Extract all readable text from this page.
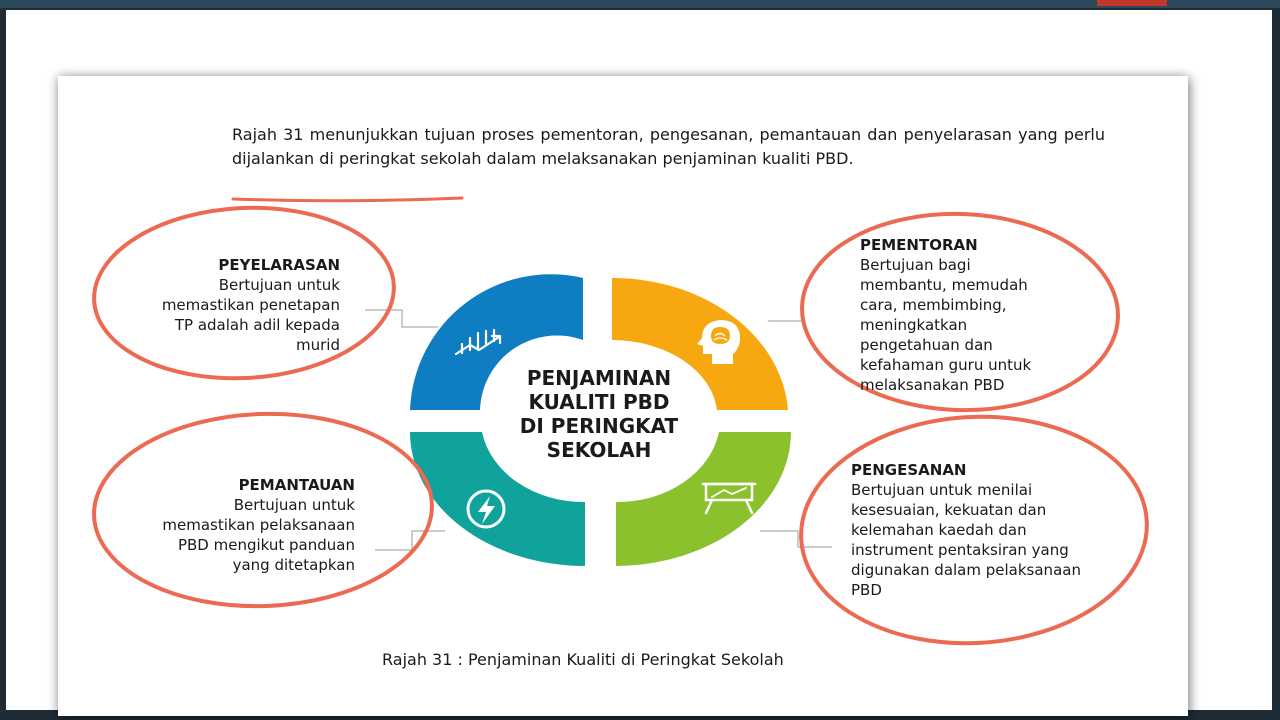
Rajah 31 menunjukkan tujuan proses pementoran, pengesanan, pemantauan dan penyelarasan yang perlu dijalankan di peringkat sekolah dalam melaksanakan penjaminan kualiti PBD.

PENJAMINAN
KUALITI PBD
DI PERINGKAT
SEKOLAH
PEYELARASAN
Bertujuan untuk
memastikan penetapan
TP adalah adil kepada
murid
PEMENTORAN
Bertujuan bagi
membantu, memudah
cara, membimbing,
meningkatkan
pengetahuan dan
kefahaman guru untuk
melaksanakan PBD
PEMANTAUAN
Bertujuan untuk
memastikan pelaksanaan
PBD mengikut panduan
yang ditetapkan
PENGESANAN
Bertujuan untuk menilai
kesesuaian, kekuatan dan
kelemahan kaedah dan
instrument pentaksiran yang
digunakan dalam pelaksanaan
PBD
Rajah 31 : Penjaminan Kualiti di Peringkat Sekolah
